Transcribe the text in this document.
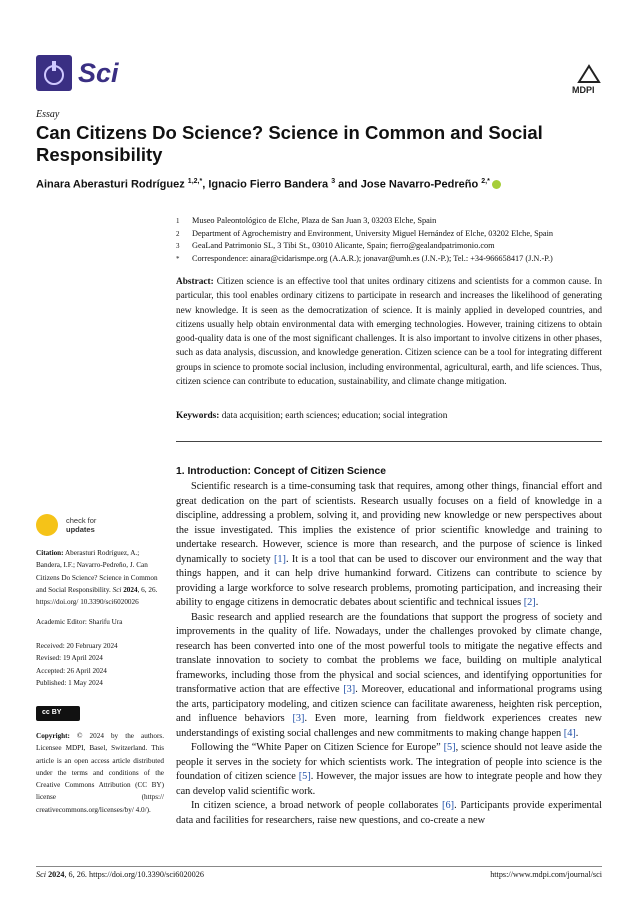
Sci
MDPI
Essay
Can Citizens Do Science? Science in Common and Social Responsibility
Ainara Aberasturi Rodríguez $^{1,2,*}$, Ignacio Fierro Bandera $^3$ and Jose Navarro-Pedreño $^{2,*}$
1	Museo Paleontológico de Elche, Plaza de San Juan 3, 03203 Elche, Spain
2	Department of Agrochemistry and Environment, University Miguel Hernández of Elche, 03202 Elche, Spain
3	GeaLand Patrimonio SL, 3 Tibi St., 03010 Alicante, Spain; fierro@gealandpatrimonio.com
*	Correspondence: ainara@cidarismpe.org (A.A.R.); jonavar@umh.es (J.N.-P.); Tel.: +34-966658417 (J.N.-P.)
Abstract: Citizen science is an effective tool that unites ordinary citizens and scientists for a common cause. In particular, this tool enables ordinary citizens to participate in research and increases the likelihood of generating new knowledge. It is seen as the democratization of science. It is mainly applied in developed countries, and citizens usually help obtain environmental data with emerging technologies. However, training citizens to obtain good-quality data is one of the most significant challenges. It is also important to involve citizens in other phases, such as data analysis, discussion, and knowledge generation. Citizen science can be a tool for integrating different groups in science to promote social inclusion, including environmental, agricultural, earth, and life sciences. Thus, citizen science can contribute to education, sustainability, and climate change mitigation.
Keywords: data acquisition; earth sciences; education; social integration
1. Introduction: Concept of Citizen Science

Scientific research is a time-consuming task that requires, among other things, financial effort and great dedication on the part of scientists. Research usually focuses on a field of knowledge in a discipline, addressing a problem, solving it, and providing new knowledge or new perspectives about the issue investigated. This implies the existence of prior scientific knowledge and training to undertake research. However, science is more than research, and the purpose of science is linked dynamically to society [1]. It is a tool that can be used to discover our environment and the way that things happen, and it can help drive humankind forward. Citizens can contribute to science by providing a large workforce to solve research problems, promoting participation, and increasing their ability to engage citizens in democratic debates about scientific and technical issues [2].

Basic research and applied research are the foundations that support the progress of society and improvements in the quality of life. Nowadays, under the challenges provoked by climate change, research has been converted into one of the most powerful tools to mitigate the negative effects and translate innovation to society to combat the problems we face, building on multiple analytical frameworks, including those from the physical and social sciences, and identifying opportunities for transformative action that are effective [3]. Moreover, educational and informational programs using the arts, participatory modeling, and citizen science can facilitate awareness, heighten risk perception, and influence behaviors [3]. Even more, learning from fieldwork experiences creates new understandings of existing social challenges and new commitments to making change happen [4].

Following the “White Paper on Citizen Science for Europe” [5], science should not leave aside the people it serves in the society for which scientists work. The integration of people into science is the foundation of citizen science [5]. However, the major issues are how to integrate people and how they can develop valid scientific work.

In citizen science, a broad network of people collaborates [6]. Participants provide experimental data and facilities for researchers, raise new questions, and co-create a new

check for
updates
Citation: Aberasturi Rodríguez, A.; Bandera, I.F.; Navarro-Pedreño, J. Can Citizens Do Science? Science in Common and Social Responsibility. Sci 2024, 6, 26. https://doi.org/ 10.3390/sci6020026
Academic Editor: Sharifu Ura
Received: 20 February 2024
Revised: 19 April 2024
Accepted: 26 April 2024
Published: 1 May 2024
cc BY
Copyright: © 2024 by the authors. Licensee MDPI, Basel, Switzerland. This article is an open access article distributed under the terms and conditions of the Creative Commons Attribution (CC BY) license (https:// creativecommons.org/licenses/by/ 4.0/).
Sci 2024, 6, 26. https://doi.org/10.3390/sci6020026	https://www.mdpi.com/journal/sci
